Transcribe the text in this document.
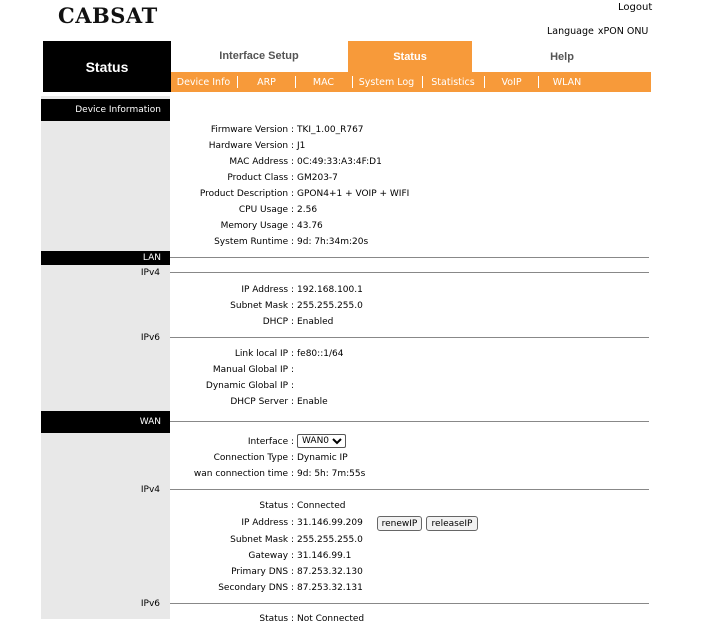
CABSAT	Logout
Language xPON ONU
Status
Interface Setup	Status	Help
Device Info	ARP	MAC	System Log	Statistics	VoIP	WLAN
Device Information
Firmware Version : TKI_1.00_R767
Hardware Version : J1
MAC Address : 0C:49:33:A3:4F:D1
Product Class : GM203-7
Product Description : GPON4+1 + VOIP + WIFI
CPU Usage : 2.56
Memory Usage : 43.76
System Runtime : 9d: 7h:34m:20s
LAN
IPv4
IP Address : 192.168.100.1
Subnet Mask : 255.255.255.0
DHCP : Enabled
IPv6
Link local IP : fe80::1/64
Manual Global IP :
Dynamic Global IP :
DHCP Server : Enable
WAN
Interface :
WAN0
Connection Type : Dynamic IP
wan connection time : 9d: 5h: 7m:55s
IPv4
Status : Connected
IP Address : 31.146.99.209	renewIP	releaseIP
Subnet Mask : 255.255.255.0
Gateway : 31.146.99.1
Primary DNS : 87.253.32.130
Secondary DNS : 87.253.32.131
IPv6
Status : Not Connected
